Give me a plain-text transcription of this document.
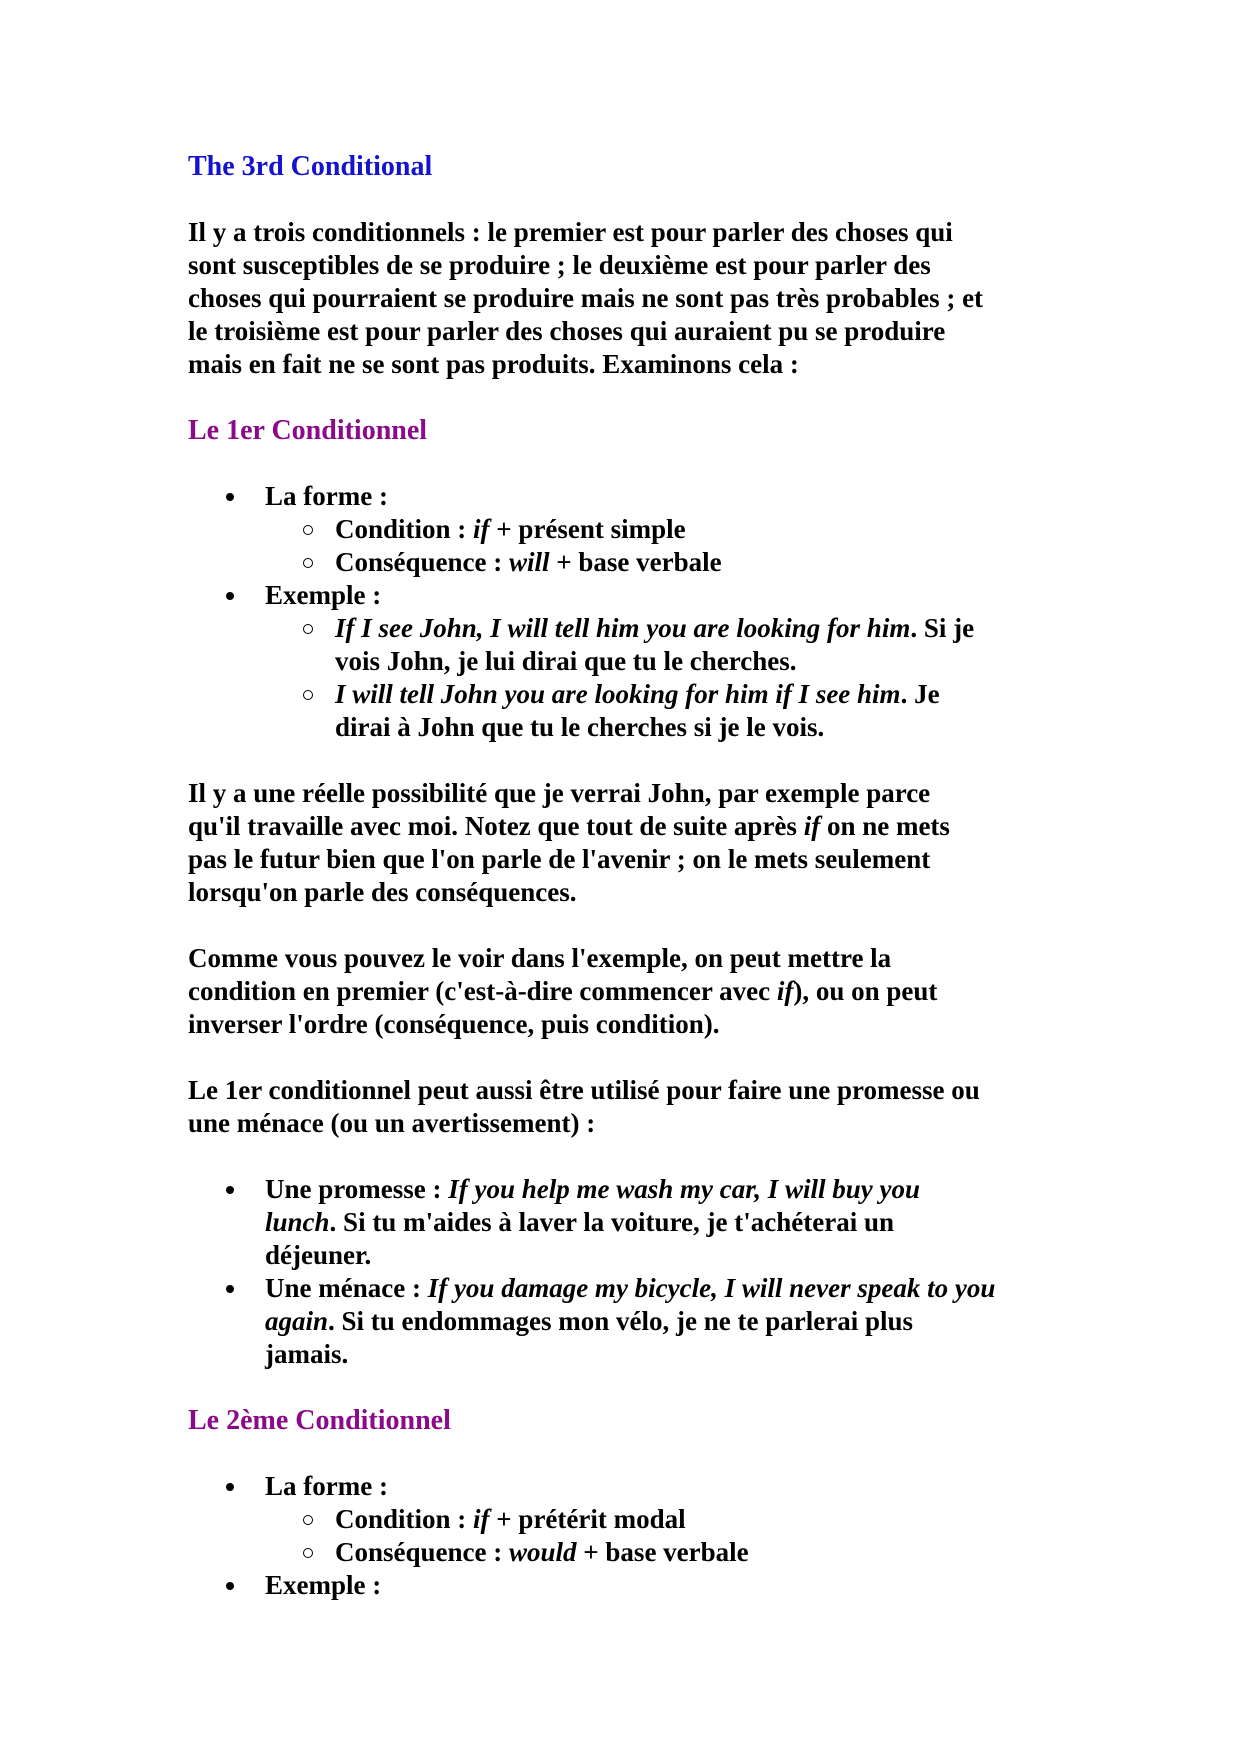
The 3rd Conditional
Il y a trois conditionnels : le premier est pour parler des choses qui
sont susceptibles de se produire ; le deuxième est pour parler des
choses qui pourraient se produire mais ne sont pas très probables ; et
le troisième est pour parler des choses qui auraient pu se produire
mais en fait ne se sont pas produits. Examinons cela :
Le 1er Conditionnel
La forme :
Condition : if + présent simple
Conséquence : will + base verbale
Exemple :
If I see John, I will tell him you are looking for him. Si je
vois John, je lui dirai que tu le cherches.
I will tell John you are looking for him if I see him. Je
dirai à John que tu le cherches si je le vois.
Il y a une réelle possibilité que je verrai John, par exemple parce
qu'il travaille avec moi. Notez que tout de suite après if on ne mets
pas le futur bien que l'on parle de l'avenir ; on le mets seulement
lorsqu'on parle des conséquences.
Comme vous pouvez le voir dans l'exemple, on peut mettre la
condition en premier (c'est-à-dire commencer avec if), ou on peut
inverser l'ordre (conséquence, puis condition).
Le 1er conditionnel peut aussi être utilisé pour faire une promesse ou
une ménace (ou un avertissement) :
Une promesse : If you help me wash my car, I will buy you
lunch. Si tu m'aides à laver la voiture, je t'achéterai un
déjeuner.
Une ménace : If you damage my bicycle, I will never speak to you
again. Si tu endommages mon vélo, je ne te parlerai plus
jamais.
Le 2ème Conditionnel
La forme :
Condition : if + prétérit modal
Conséquence : would + base verbale
Exemple :
